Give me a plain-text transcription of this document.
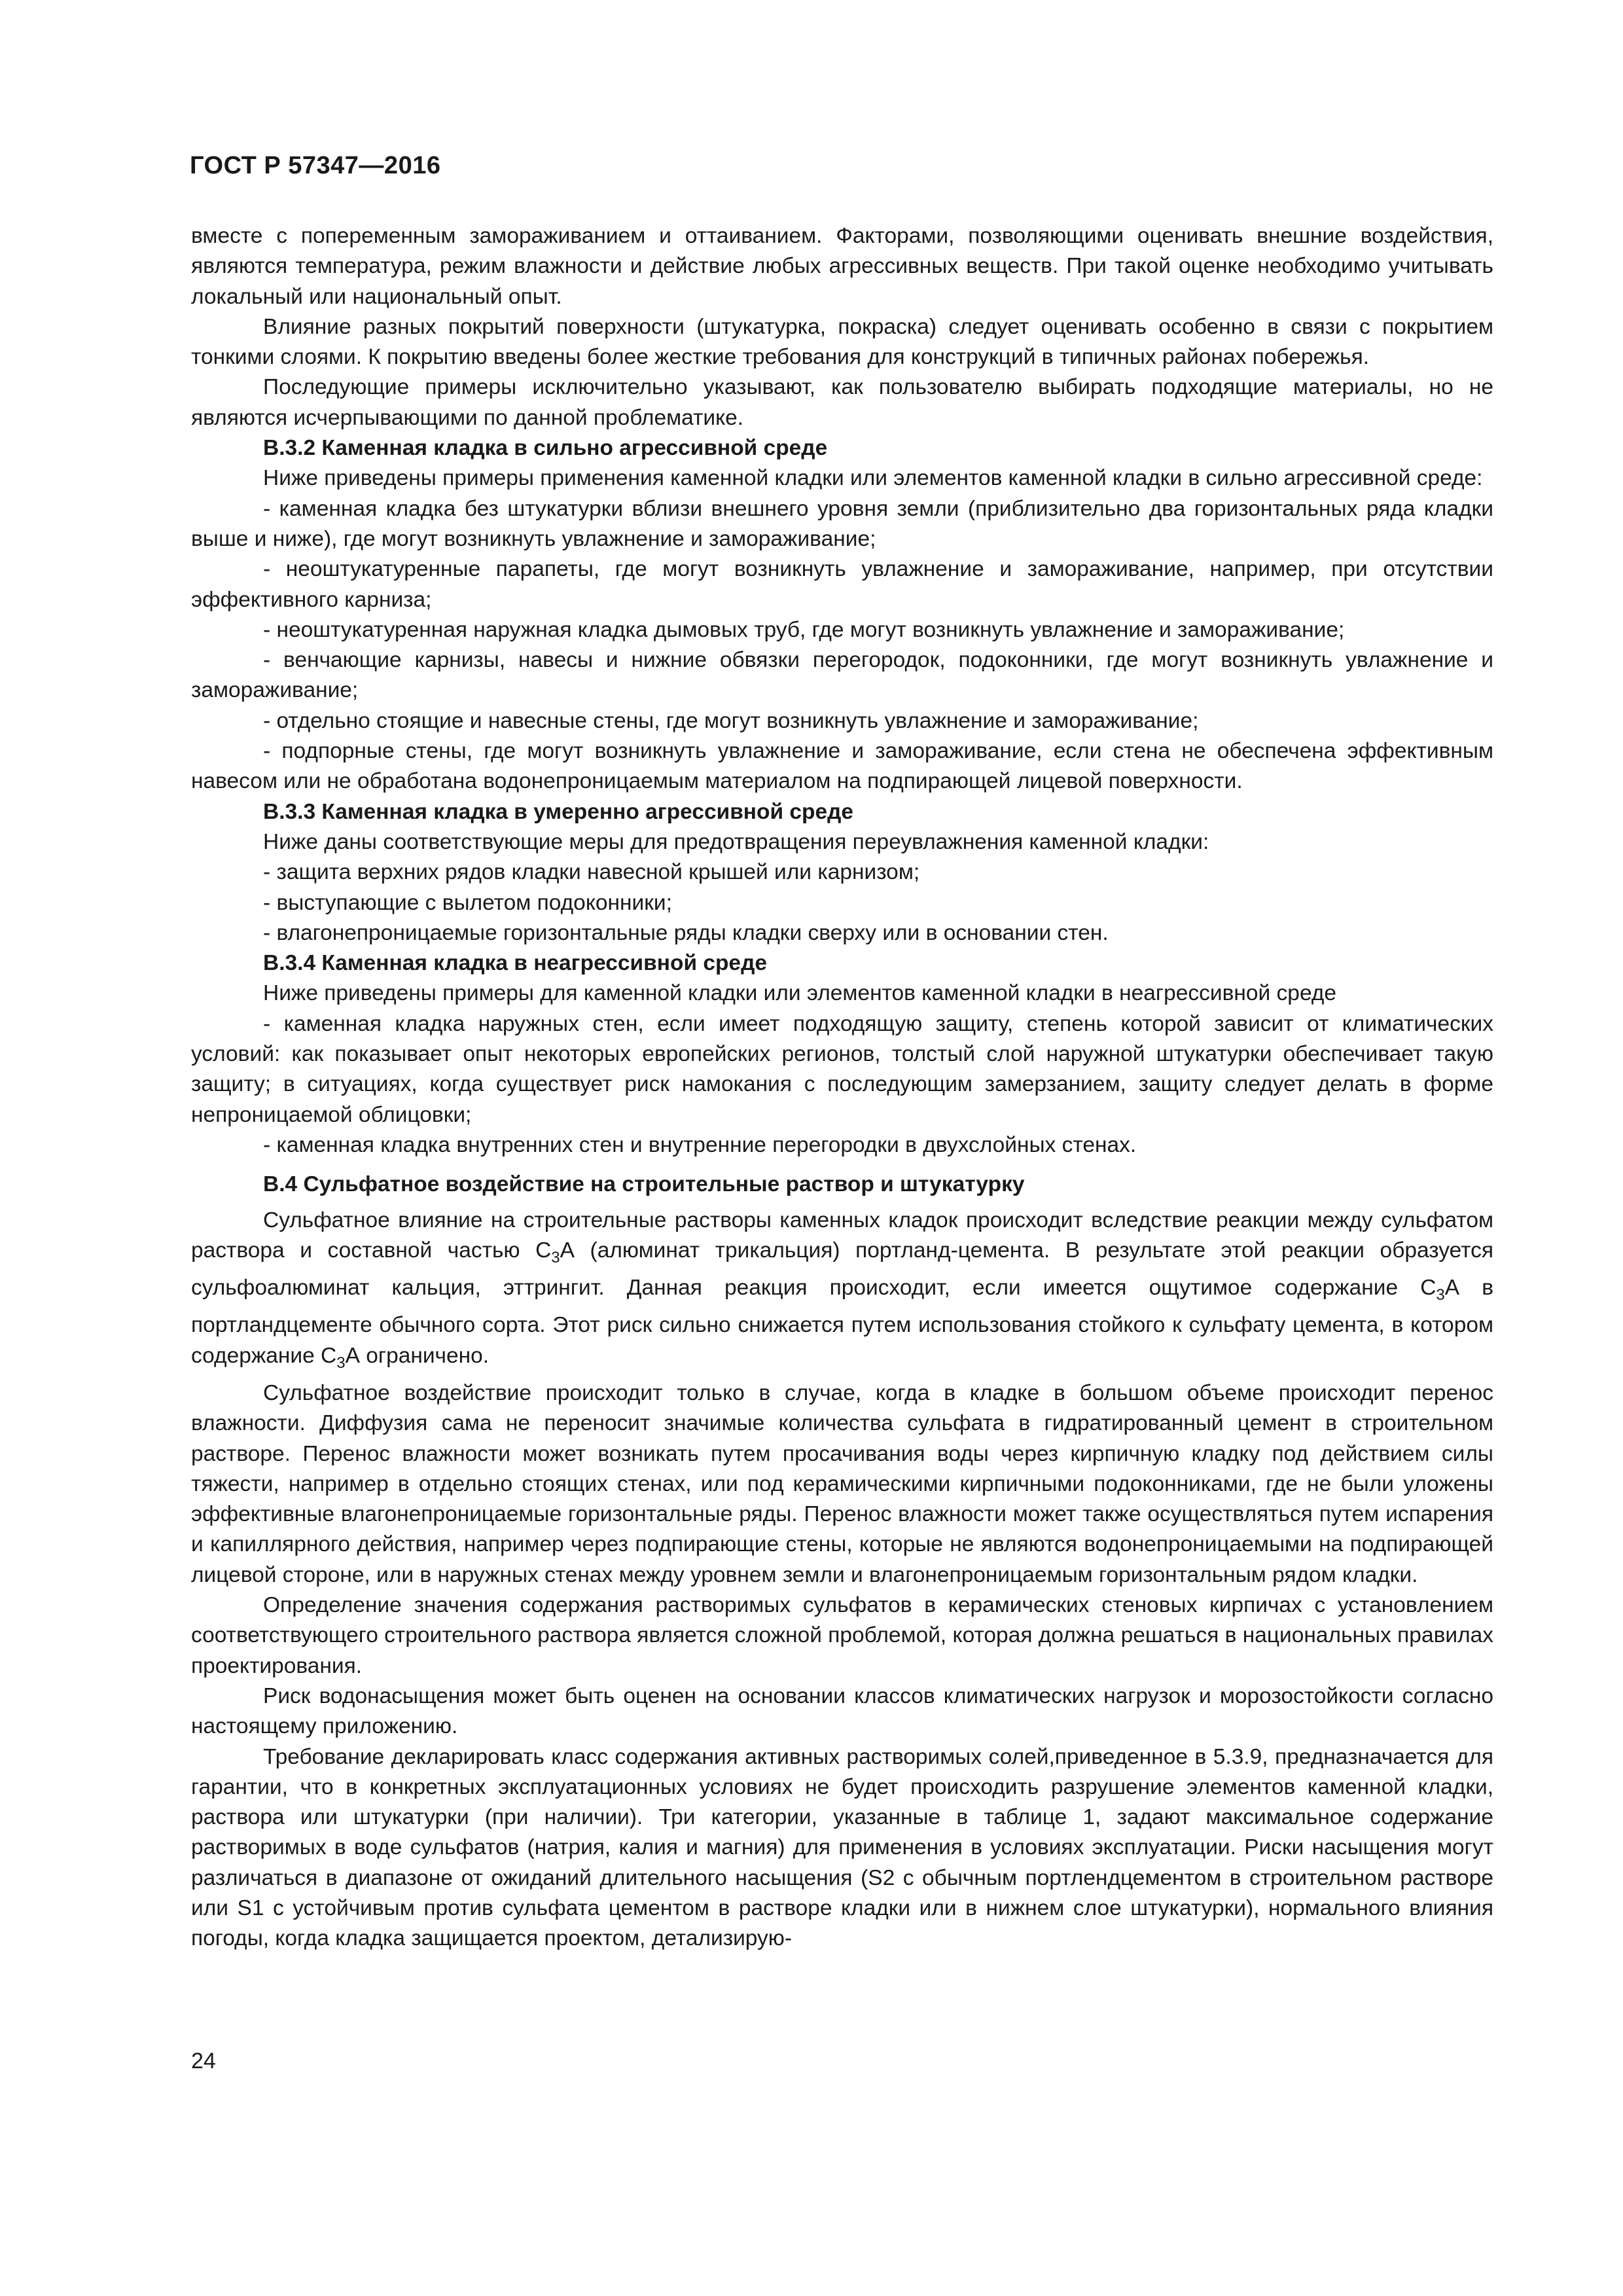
ГОСТ Р 57347—2016

вместе с попеременным замораживанием и оттаиванием. Факторами, позволяющими оценивать внешние воздействия, являются температура, режим влажности и действие любых агрессивных веществ. При такой оценке необходимо учитывать локальный или национальный опыт.

Влияние разных покрытий поверхности (штукатурка, покраска) следует оценивать особенно в связи с покрытием тонкими слоями. К покрытию введены более жесткие требования для конструкций в типичных районах побережья.

Последующие примеры исключительно указывают, как пользователю выбирать подходящие материалы, но не являются исчерпывающими по данной проблематике.

В.3.2 Каменная кладка в сильно агрессивной среде

Ниже приведены примеры применения каменной кладки или элементов каменной кладки в сильно агрессивной среде:

- каменная кладка без штукатурки вблизи внешнего уровня земли (приблизительно два горизонтальных ряда кладки выше и ниже), где могут возникнуть увлажнение и замораживание;

- неоштукатуренные парапеты, где могут возникнуть увлажнение и замораживание, например, при отсутствии эффективного карниза;

- неоштукатуренная наружная кладка дымовых труб, где могут возникнуть увлажнение и замораживание;

- венчающие карнизы, навесы и нижние обвязки перегородок, подоконники, где могут возникнуть увлажнение и замораживание;

- отдельно стоящие и навесные стены, где могут возникнуть увлажнение и замораживание;

- подпорные стены, где могут возникнуть увлажнение и замораживание, если стена не обеспечена эффективным навесом или не обработана водонепроницаемым материалом на подпирающей лицевой поверхности.

В.3.3 Каменная кладка в умеренно агрессивной среде

Ниже даны соответствующие меры для предотвращения переувлажнения каменной кладки:

- защита верхних рядов кладки навесной крышей или карнизом;

- выступающие с вылетом подоконники;

- влагонепроницаемые горизонтальные ряды кладки сверху или в основании стен.

В.3.4 Каменная кладка в неагрессивной среде

Ниже приведены примеры для каменной кладки или элементов каменной кладки в неагрессивной среде

- каменная кладка наружных стен, если имеет подходящую защиту, степень которой зависит от климатических условий: как показывает опыт некоторых европейских регионов, толстый слой наружной штукатурки обеспечивает такую защиту; в ситуациях, когда существует риск намокания с последующим замерзанием, защиту следует делать в форме непроницаемой облицовки;

- каменная кладка внутренних стен и внутренние перегородки в двухслойных стенах.

В.4 Сульфатное воздействие на строительные раствор и штукатурку

Сульфатное влияние на строительные растворы каменных кладок происходит вследствие реакции между сульфатом раствора и составной частью $С_3А$ (алюминат трикальция) портланд-цемента. В результате этой реакции образуется сульфоалюминат кальция, эттрингит. Данная реакция происходит, если имеется ощутимое содержание $С_3А$ в портландцементе обычного сорта. Этот риск сильно снижается путем использования стойкого к сульфату цемента, в котором содержание $С_3А$ ограничено.

Сульфатное воздействие происходит только в случае, когда в кладке в большом объеме происходит перенос влажности. Диффузия сама не переносит значимые количества сульфата в гидратированный цемент в строительном растворе. Перенос влажности может возникать путем просачивания воды через кирпичную кладку под действием силы тяжести, например в отдельно стоящих стенах, или под керамическими кирпичными подоконниками, где не были уложены эффективные влагонепроницаемые горизонтальные ряды. Перенос влажности может также осуществляться путем испарения и капиллярного действия, например через подпирающие стены, которые не являются водонепроницаемыми на подпирающей лицевой стороне, или в наружных стенах между уровнем земли и влагонепроницаемым горизонтальным рядом кладки.

Определение значения содержания растворимых сульфатов в керамических стеновых кирпичах с установлением соответствующего строительного раствора является сложной проблемой, которая должна решаться в национальных правилах проектирования.

Риск водонасыщения может быть оценен на основании классов климатических нагрузок и морозостойкости согласно настоящему приложению.

Требование декларировать класс содержания активных растворимых солей,приведенное в 5.3.9, предназначается для гарантии, что в конкретных эксплуатационных условиях не будет происходить разрушение элементов каменной кладки, раствора или штукатурки (при наличии). Три категории, указанные в таблице 1, задают максимальное содержание растворимых в воде сульфатов (натрия, калия и магния) для применения в условиях эксплуатации. Риски насыщения могут различаться в диапазоне от ожиданий длительного насыщения (S2 с обычным портлендцементом в строительном растворе или S1 с устойчивым против сульфата цементом в растворе кладки или в нижнем слое штукатурки), нормального влияния погоды, когда кладка защищается проектом, детализирую-

24
